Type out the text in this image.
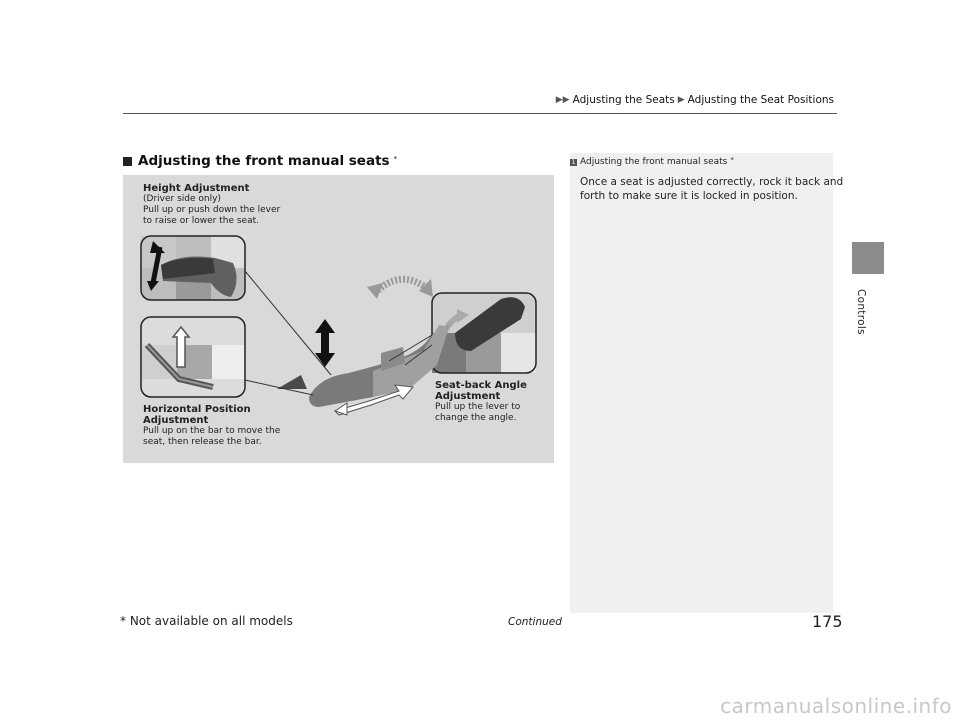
▶▶ Adjusting the Seats ▶ Adjusting the Seat Positions
Controls
Adjusting the front manual seats *
Height Adjustment
(Driver side only)
Pull up or push down the lever
to raise or lower the seat.
Horizontal Position
Adjustment
Pull up on the bar to move the
seat, then release the bar.
Seat-back Angle
Adjustment
Pull up the lever to
change the angle.
1 Adjusting the front manual seats *
Once a seat is adjusted correctly, rock it back and
forth to make sure it is locked in position.
Continued
* Not available on all models	175
carmanualsonline.info
